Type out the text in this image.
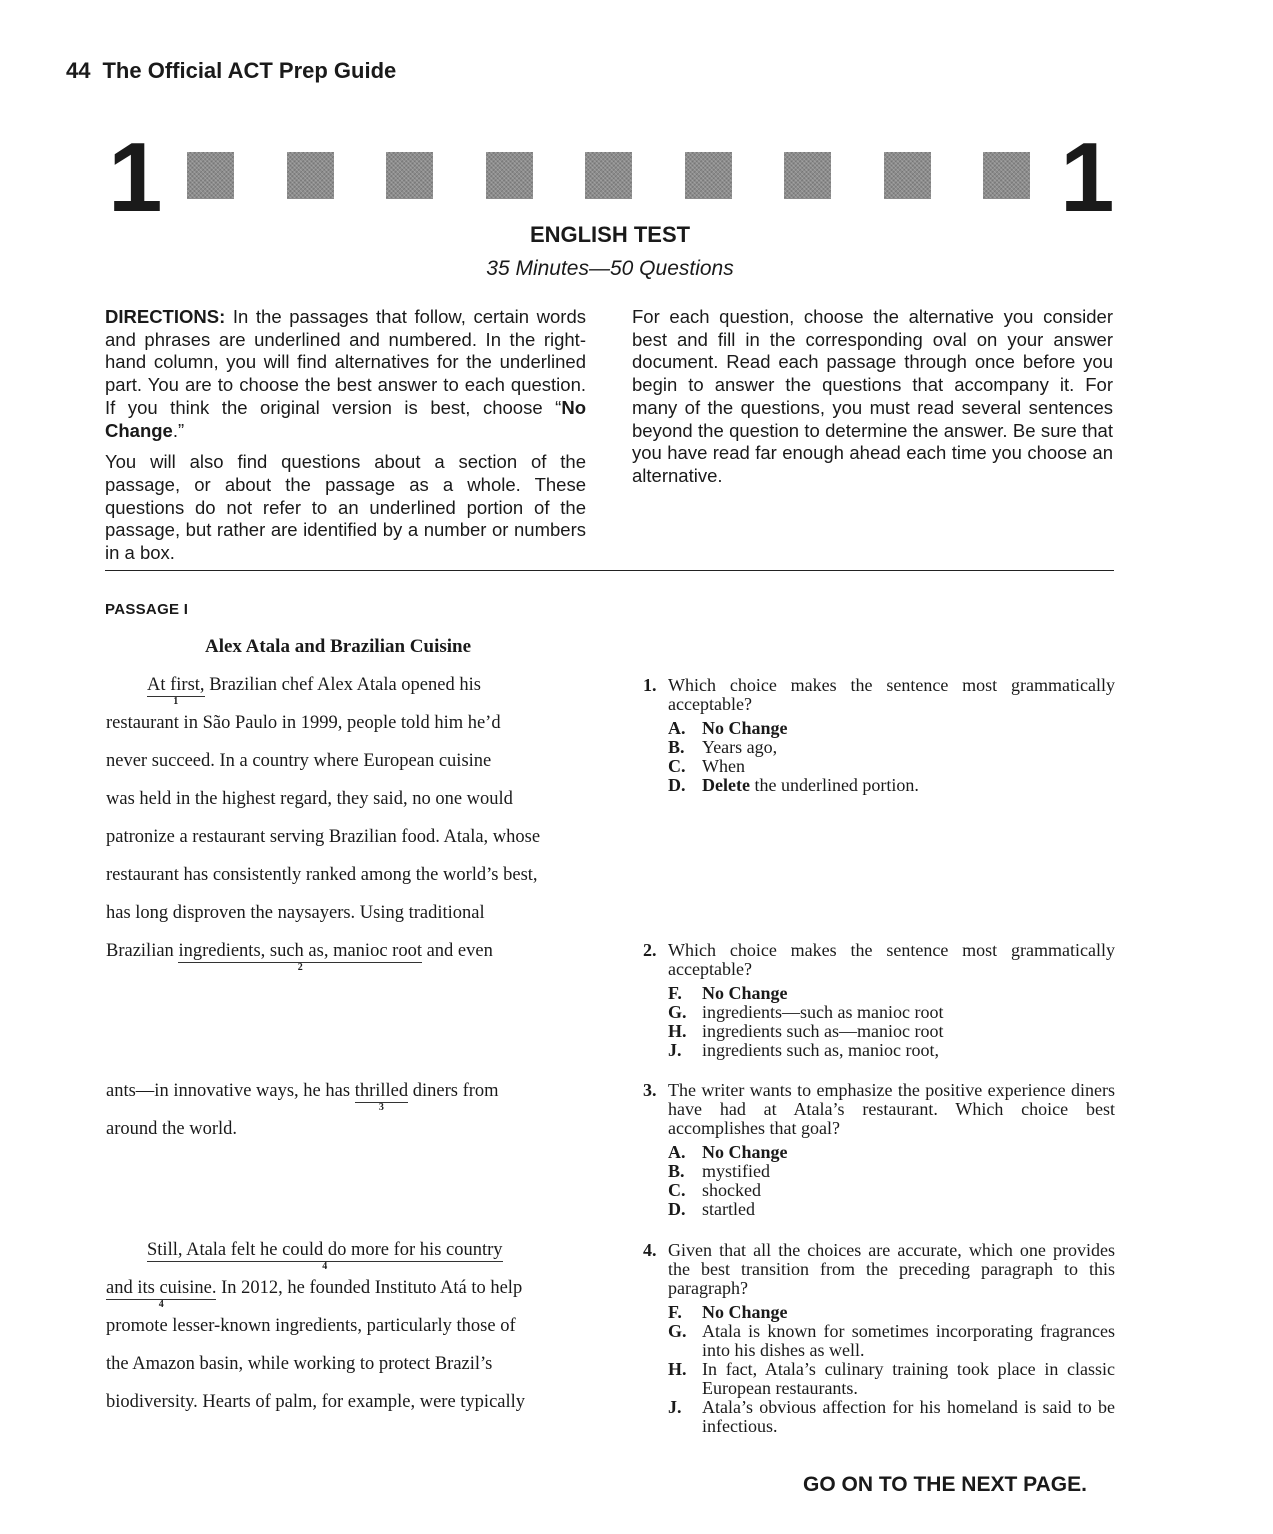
44 The Official ACT Prep Guide
1	1
ENGLISH TEST
35 Minutes—50 Questions

DIRECTIONS: In the passages that follow, certain words and phrases are underlined and numbered. In the right-hand column, you will find alternatives for the underlined part. You are to choose the best answer to each question. If you think the original version is best, choose “No Change.”

You will also find questions about a section of the passage, or about the passage as a whole. These questions do not refer to an underlined portion of the passage, but rather are identified by a number or numbers in a box.

For each question, choose the alternative you consider best and fill in the corresponding oval on your answer document. Read each passage through once before you begin to answer the questions that accompany it. For many of the questions, you must read several sentences beyond the question to determine the answer. Be sure that you have read far enough ahead each time you choose an alternative.

PASSAGE I
Alex Atala and Brazilian Cuisine
At first,
1
Brazilian chef Alex Atala opened his
restaurant in São Paulo in 1999, people told him he’d
never succeed. In a country where European cuisine
was held in the highest regard, they said, no one would
patronize a restaurant serving Brazilian food. Atala, whose
restaurant has consistently ranked among the world’s best,
has long disproven the naysayers. Using traditional
Brazilian ingredients, such as, manioc root
2
and even
ants—in innovative ways, he has thrilled
3
diners from
around the world.
Still, Atala felt he could do more for his country
4
and its cuisine.
4
In 2012, he founded Instituto Atá to help
promote lesser-known ingredients, particularly those of
the Amazon basin, while working to protect Brazil’s
biodiversity. Hearts of palm, for example, were typically
1. Which choice makes the sentence most grammatically acceptable?
A. No Change
B. Years ago,
C. When
D. Delete the underlined portion.
2. Which choice makes the sentence most grammatically acceptable?
F.	No Change
G. ingredients—such as manioc root
H. ingredients such as—manioc root
J.	ingredients such as, manioc root,
3. The writer wants to emphasize the positive experience diners have had at Atala’s restaurant. Which choice best accomplishes that goal?
A. No Change
B. mystified
C. shocked
D. startled
4. Given that all the choices are accurate, which one provides the best transition from the preceding paragraph to this paragraph?
F.	No Change
G. Atala is known for sometimes incorporating fragrances into his dishes as well.
H. In fact, Atala’s culinary training took place in classic European restaurants.
J.	Atala’s obvious affection for his homeland is said to be infectious.
GO ON TO THE NEXT PAGE.
